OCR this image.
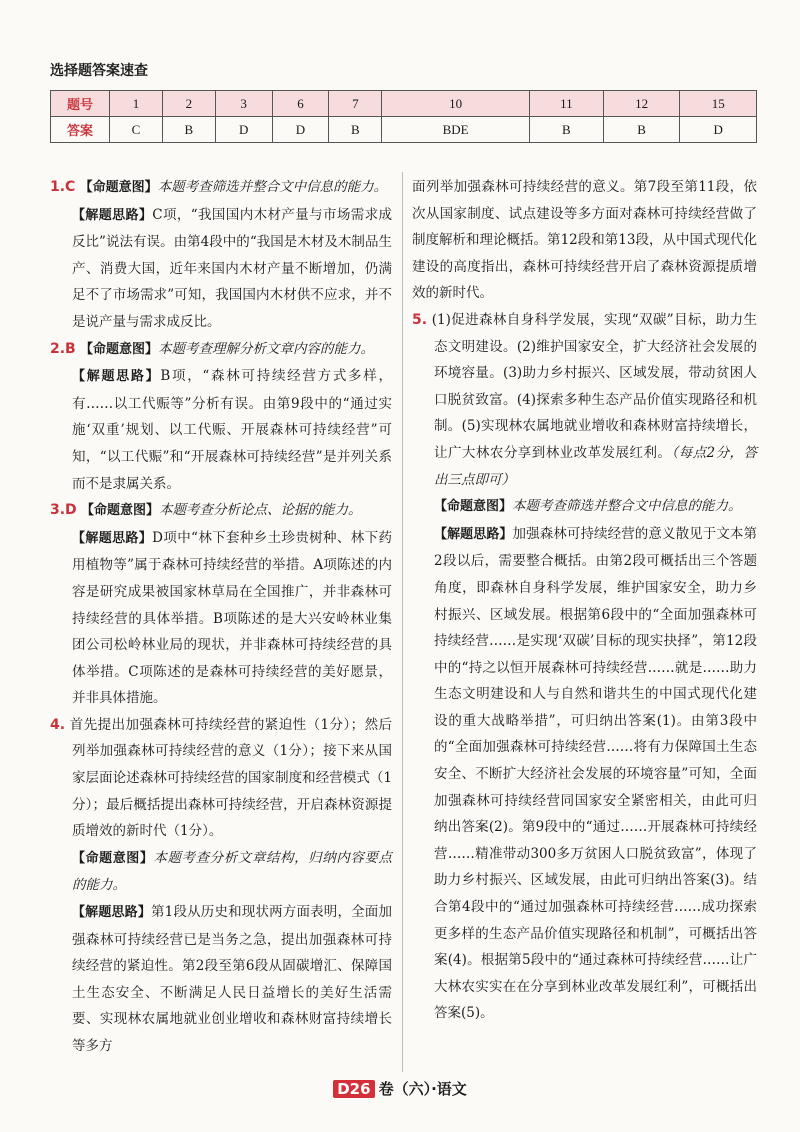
选择题答案速查
题号	1	2	3	6	7	10	11	12	15
答案	C	B	D	D	B	BDE	B	B	D

1.C 【命题意图】本题考查筛选并整合文中信息的能力。

【解题思路】C项，“我国国内木材产量与市场需求成反比”说法有误。由第4段中的“我国是木材及木制品生产、消费大国，近年来国内木材产量不断增加，仍满足不了市场需求”可知，我国国内木材供不应求，并不是说产量与需求成反比。

2.B 【命题意图】本题考查理解分析文章内容的能力。

【解题思路】B项，“森林可持续经营方式多样，有……以工代赈等”分析有误。由第9段中的“通过实施‘双重’规划、以工代赈、开展森林可持续经营”可知，“以工代赈”和“开展森林可持续经营”是并列关系而不是隶属关系。

3.D 【命题意图】本题考查分析论点、论据的能力。

【解题思路】D项中“林下套种乡土珍贵树种、林下药用植物等”属于森林可持续经营的举措。A项陈述的内容是研究成果被国家林草局在全国推广，并非森林可持续经营的具体举措。B项陈述的是大兴安岭林业集团公司松岭林业局的现状，并非森林可持续经营的具体举措。C项陈述的是森林可持续经营的美好愿景，并非具体措施。

4. 首先提出加强森林可持续经营的紧迫性（1分）；然后列举加强森林可持续经营的意义（1分）；接下来从国家层面论述森林可持续经营的国家制度和经营模式（1分）；最后概括提出森林可持续经营，开启森林资源提质增效的新时代（1分）。

【命题意图】本题考查分析文章结构，归纳内容要点的能力。

【解题思路】第1段从历史和现状两方面表明，全面加强森林可持续经营已是当务之急，提出加强森林可持续经营的紧迫性。第2段至第6段从固碳增汇、保障国土生态安全、不断满足人民日益增长的美好生活需要、实现林农属地就业创业增收和森林财富持续增长等多方

面列举加强森林可持续经营的意义。第7段至第11段，依次从国家制度、试点建设等多方面对森林可持续经营做了制度解析和理论概括。第12段和第13段，从中国式现代化建设的高度指出，森林可持续经营开启了森林资源提质增效的新时代。

5. (1)促进森林自身科学发展，实现“双碳”目标，助力生态文明建设。(2)维护国家安全，扩大经济社会发展的环境容量。(3)助力乡村振兴、区域发展，带动贫困人口脱贫致富。(4)探索多种生态产品价值实现路径和机制。(5)实现林农属地就业增收和森林财富持续增长，让广大林农分享到林业改革发展红利。（每点2分，答出三点即可）

【命题意图】本题考查筛选并整合文中信息的能力。

【解题思路】加强森林可持续经营的意义散见于文本第2段以后，需要整合概括。由第2段可概括出三个答题角度，即森林自身科学发展，维护国家安全，助力乡村振兴、区域发展。根据第6段中的“全面加强森林可持续经营……是实现‘双碳’目标的现实抉择”，第12段中的“持之以恒开展森林可持续经营……就是……助力生态文明建设和人与自然和谐共生的中国式现代化建设的重大战略举措”，可归纳出答案(1)。由第3段中的“全面加强森林可持续经营……将有力保障国土生态安全、不断扩大经济社会发展的环境容量”可知，全面加强森林可持续经营同国家安全紧密相关，由此可归纳出答案(2)。第9段中的“通过……开展森林可持续经营……精准带动300多万贫困人口脱贫致富”，体现了助力乡村振兴、区域发展，由此可归纳出答案(3)。结合第4段中的“通过加强森林可持续经营……成功探索更多样的生态产品价值实现路径和机制”，可概括出答案(4)。根据第5段中的“通过森林可持续经营……让广大林农实实在在分享到林业改革发展红利”，可概括出答案(5)。

D26 卷（六）·语文
